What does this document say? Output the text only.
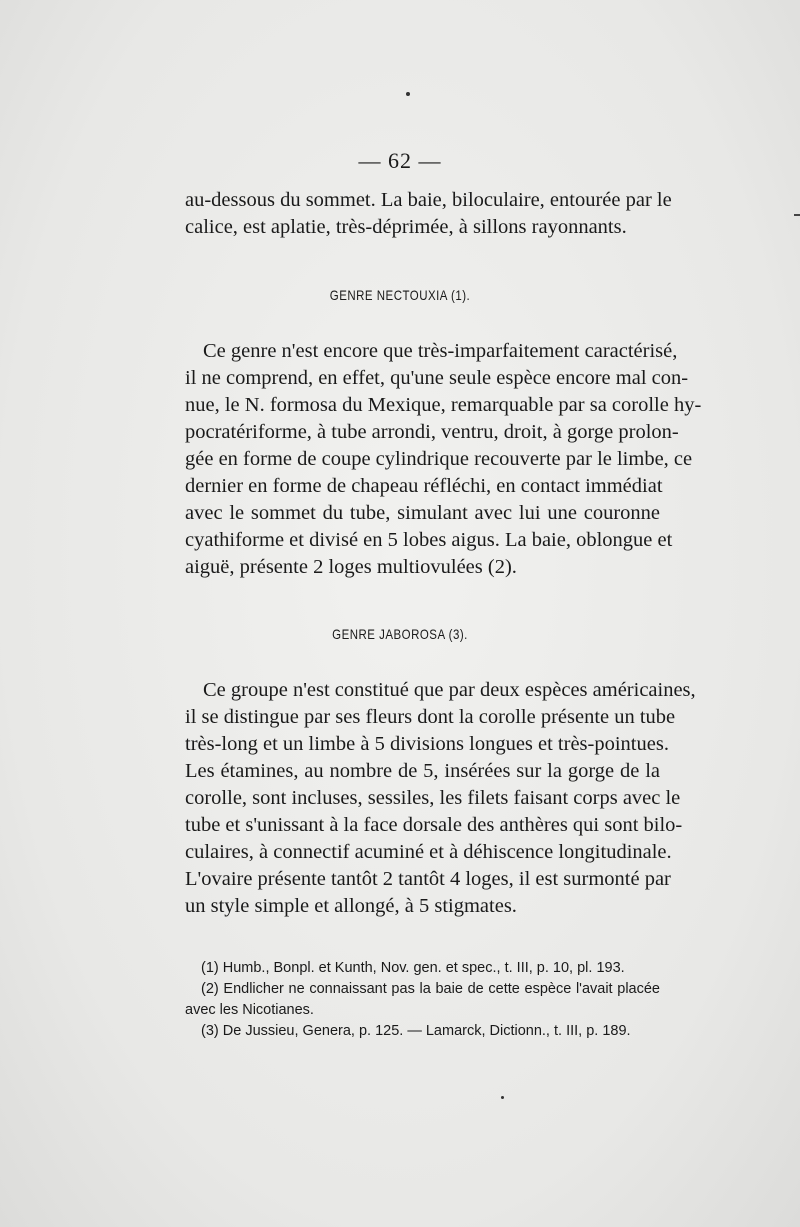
— 62 —
au-dessous du sommet. La baie, biloculaire, entourée par le
calice, est aplatie, très-déprimée, à sillons rayonnants.
GENRE NECTOUXIA (1).
Ce genre n'est encore que très-imparfaitement caractérisé,
il ne comprend, en effet, qu'une seule espèce encore mal con-
nue, le N. formosa du Mexique, remarquable par sa corolle hy-
pocratériforme, à tube arrondi, ventru, droit, à gorge prolon-
gée en forme de coupe cylindrique recouverte par le limbe, ce
dernier en forme de chapeau réfléchi, en contact immédiat
avec le sommet du tube, simulant avec lui une couronne
cyathiforme et divisé en 5 lobes aigus. La baie, oblongue et
aiguë, présente 2 loges multiovulées (2).
GENRE JABOROSA (3).
Ce groupe n'est constitué que par deux espèces américaines,
il se distingue par ses fleurs dont la corolle présente un tube
très-long et un limbe à 5 divisions longues et très-pointues.
Les étamines, au nombre de 5, insérées sur la gorge de la
corolle, sont incluses, sessiles, les filets faisant corps avec le
tube et s'unissant à la face dorsale des anthères qui sont bilo-
culaires, à connectif acuminé et à déhiscence longitudinale.
L'ovaire présente tantôt 2 tantôt 4 loges, il est surmonté par
un style simple et allongé, à 5 stigmates.
(1) Humb., Bonpl. et Kunth, Nov. gen. et spec., t. III, p. 10, pl. 193.
(2) Endlicher ne connaissant pas la baie de cette espèce l'avait placée
avec les Nicotianes.
(3) De Jussieu, Genera, p. 125. — Lamarck, Dictionn., t. III, p. 189.
